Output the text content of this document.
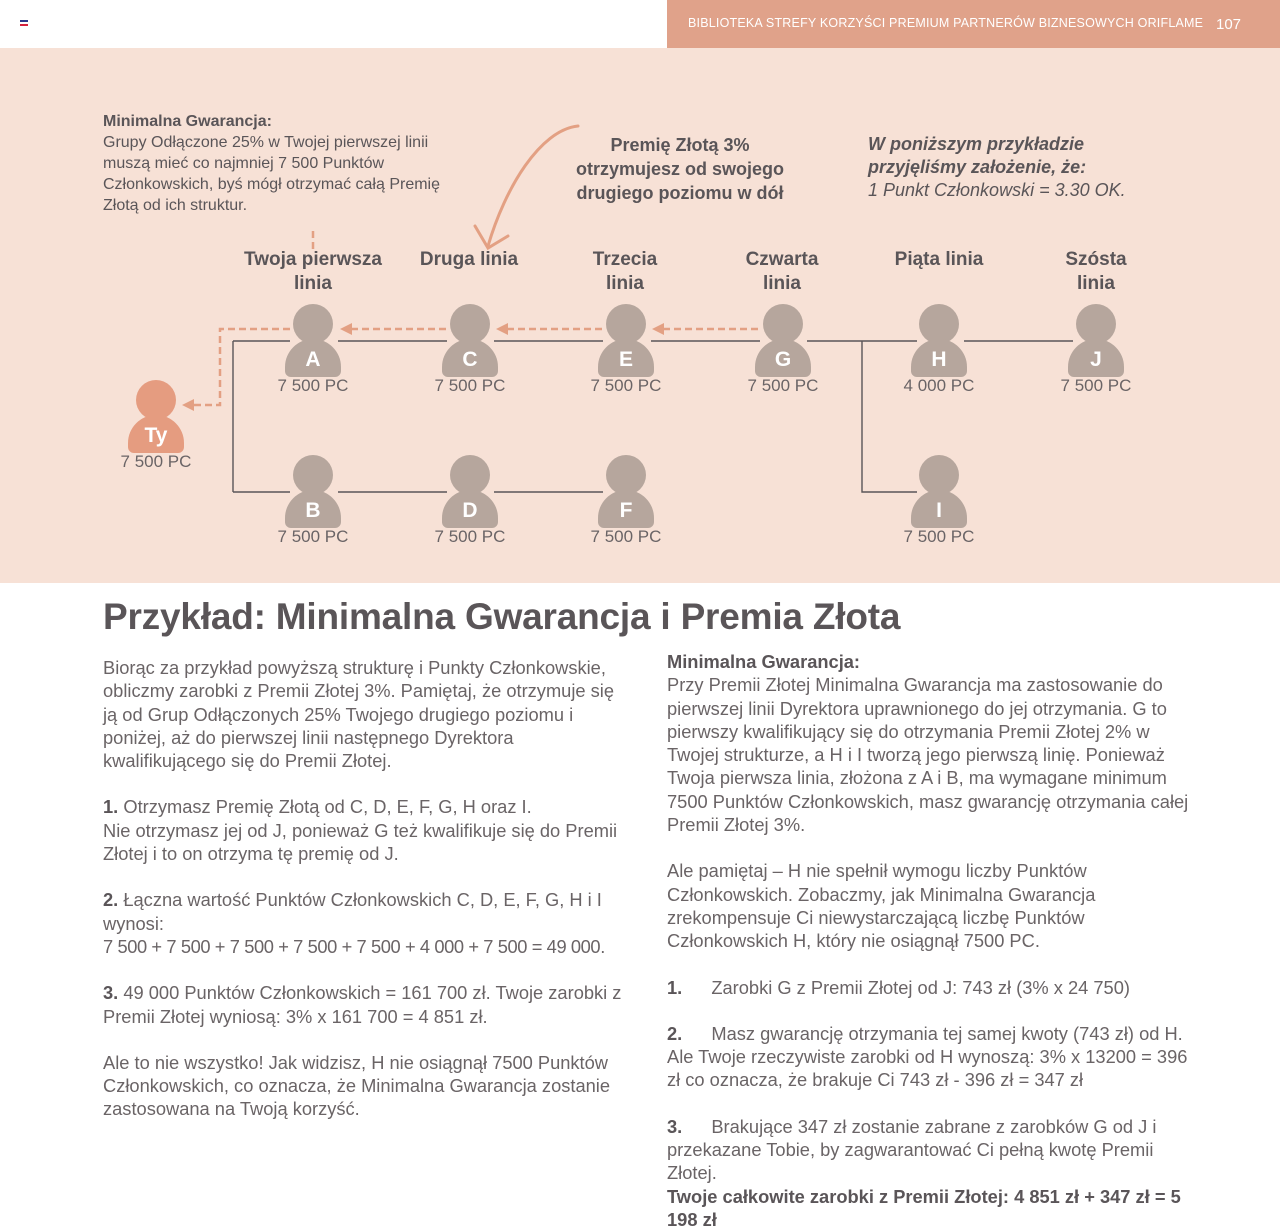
BIBLIOTEKA STREFY KORZYŚCI PREMIUM PARTNERÓW BIZNESOWYCH ORIFLAME 107
Minimalna Gwarancja:
Grupy Odłączone 25% w Twojej pierwszej linii muszą mieć co najmniej 7 500 Punktów Członkowskich, byś mógł otrzymać całą Premię Złotą od ich struktur.
Premię Złotą 3% otrzymujesz od swojego drugiego poziomu w dół
W poniższym przykładzie przyjęliśmy założenie, że:
1 Punkt Członkowski = 3.30 OK.
Twoja pierwsza linia
Druga linia	Trzecia linia
Czwarta linia
Piąta linia	Szósta linia
Ty
7 500 PC
A
7 500 PC
C
7 500 PC
E
7 500 PC
G
7 500 PC
H
4 000 PC
J
7 500 PC
B
7 500 PC
D
7 500 PC
F
7 500 PC
I
7 500 PC
Przykład: Minimalna Gwarancja i Premia Złota

Biorąc za przykład powyższą strukturę i Punkty Członkowskie, obliczmy zarobki z Premii Złotej 3%. Pamiętaj, że otrzymuje się ją od Grup Odłączonych 25% Twojego drugiego poziomu i poniżej, aż do pierwszej linii następnego Dyrektora kwalifikującego się do Premii Złotej.

1. Otrzymasz Premię Złotą od C, D, E, F, G, H oraz I.
Nie otrzymasz jej od J, ponieważ G też kwalifikuje się do Premii Złotej i to on otrzyma tę premię od J.

2. Łączna wartość Punktów Członkowskich C, D, E, F, G, H i I wynosi:
7 500 + 7 500 + 7 500 + 7 500 + 7 500 + 4 000 + 7 500 = 49 000.

3. 49 000 Punktów Członkowskich = 161 700 zł. Twoje zarobki z Premii Złotej wyniosą: 3% x 161 700 = 4 851 zł.

Ale to nie wszystko! Jak widzisz, H nie osiągnął 7500 Punktów Członkowskich, co oznacza, że Minimalna Gwarancja zostanie zastosowana na Twoją korzyść.

Minimalna Gwarancja:

Przy Premii Złotej Minimalna Gwarancja ma zastosowanie do pierwszej linii Dyrektora uprawnionego do jej otrzymania. G to pierwszy kwalifikujący się do otrzymania Premii Złotej 2% w Twojej strukturze, a H i I tworzą jego pierwszą linię. Ponieważ Twoja pierwsza linia, złożona z A i B, ma wymagane minimum 7500 Punktów Członkowskich, masz gwarancję otrzymania całej Premii Złotej 3%.

Ale pamiętaj – H nie spełnił wymogu liczby Punktów Członkowskich. Zobaczmy, jak Minimalna Gwarancja zrekompensuje Ci niewystarczającą liczbę Punktów Członkowskich H, który nie osiągnął 7500 PC.

1. Zarobki G z Premii Złotej od J: 743 zł (3% x 24 750)

2. Masz gwarancję otrzymania tej samej kwoty (743 zł) od H. Ale Twoje rzeczywiste zarobki od H wynoszą: 3% x 13200 = 396 zł co oznacza, że brakuje Ci 743 zł - 396 zł = 347 zł

3. Brakujące 347 zł zostanie zabrane z zarobków G od J i przekazane Tobie, by zagwarantować Ci pełną kwotę Premii Złotej.
Twoje całkowite zarobki z Premii Złotej: 4 851 zł + 347 zł = 5 198 zł
